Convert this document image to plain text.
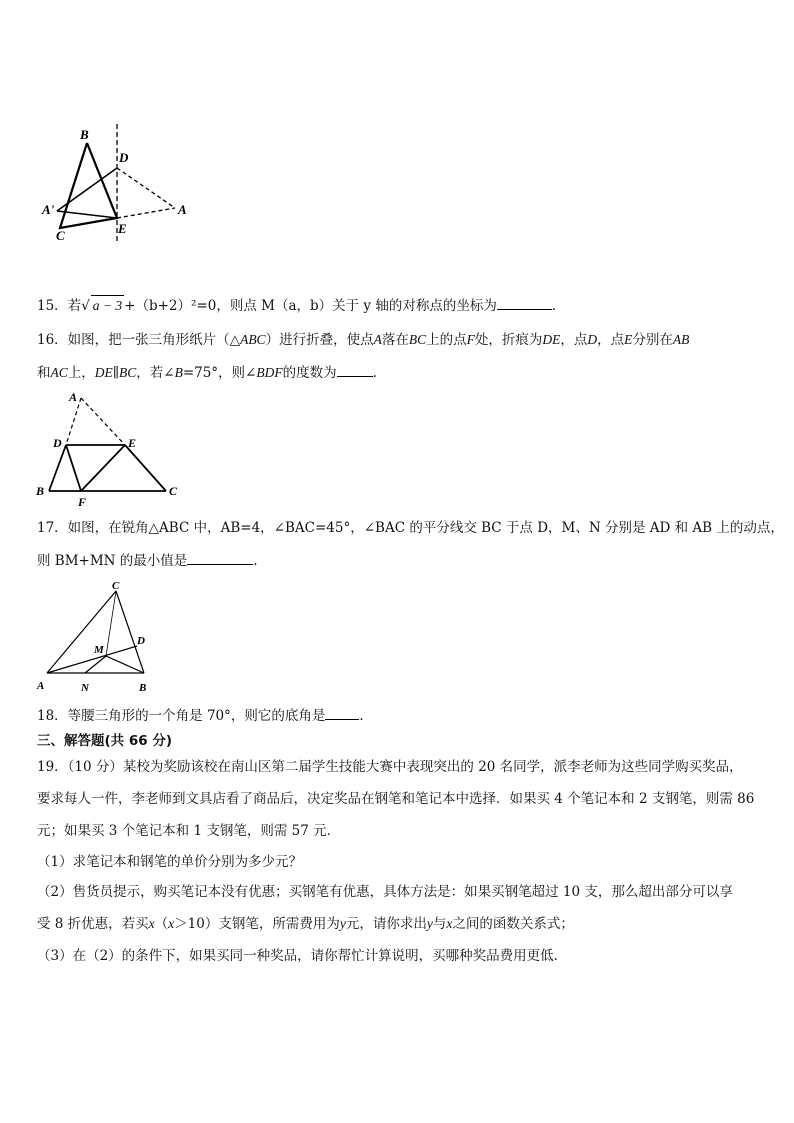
B
D
A'	A
C	E
15．若√ a − 3 +（b+2）²=0，则点 M（a，b）关于 y 轴的对称点的坐标为	.
16．如图，把一张三角形纸片（△ABC）进行折叠，使点A落在BC上的点F处，折痕为DE，点D，点E分别在AB
和AC上，DE∥BC，若∠B=75°，则∠BDF的度数为	.
A
D	E
B
F
C
17．如图，在锐角△ABC 中，AB=4，∠BAC=45°，∠BAC 的平分线交 BC 于点 D，M、N 分别是 AD 和 AB 上的动点，
则 BM+MN 的最小值是	.
C
D
M
A	N	B
18．等腰三角形的一个角是 70°，则它的底角是	.
三、解答题(共 66 分)
19．（10 分）某校为奖励该校在南山区第二届学生技能大赛中表现突出的 20 名同学，派李老师为这些同学购买奖品，
要求每人一件，李老师到文具店看了商品后，决定奖品在钢笔和笔记本中选择．如果买 4 个笔记本和 2 支钢笔，则需 86
元；如果买 3 个笔记本和 1 支钢笔，则需 57 元．
（1）求笔记本和钢笔的单价分别为多少元？
（2）售货员提示，购买笔记本没有优惠；买钢笔有优惠，具体方法是：如果买钢笔超过 10 支，那么超出部分可以享
受 8 折优惠，若买x（x＞10）支钢笔，所需费用为y元，请你求出y与x之间的函数关系式；
（3）在（2）的条件下，如果买同一种奖品，请你帮忙计算说明，买哪种奖品费用更低．
